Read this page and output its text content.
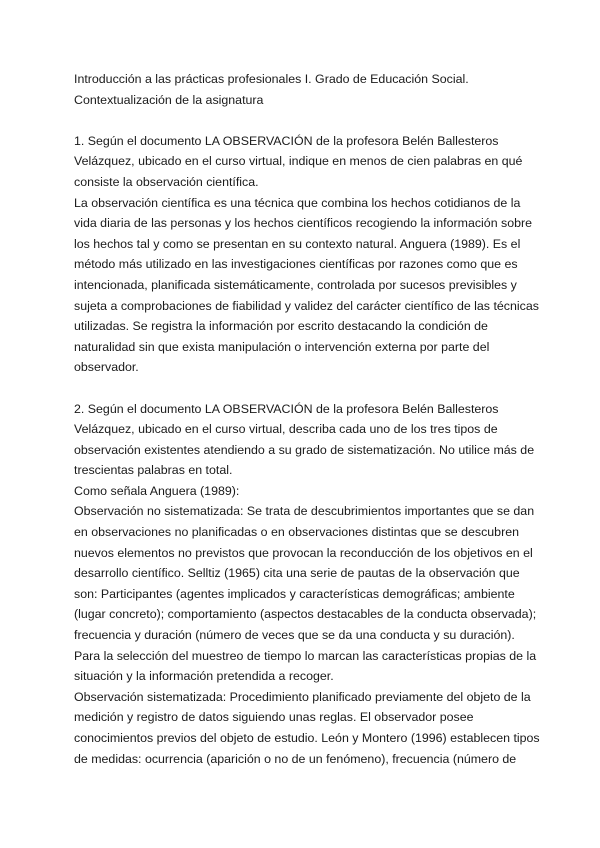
Introducción a las prácticas profesionales I. Grado de Educación Social.
Contextualización de la asignatura
1. Según el documento LA OBSERVACIÓN de la profesora Belén Ballesteros
Velázquez, ubicado en el curso virtual, indique en menos de cien palabras en qué
consiste la observación científica.
La observación científica es una técnica que combina los hechos cotidianos de la
vida diaria de las personas y los hechos científicos recogiendo la información sobre
los hechos tal y como se presentan en su contexto natural. Anguera (1989). Es el
método más utilizado en las investigaciones científicas por razones como que es
intencionada, planificada sistemáticamente, controlada por sucesos previsibles y
sujeta a comprobaciones de fiabilidad y validez del carácter científico de las técnicas
utilizadas. Se registra la información por escrito destacando la condición de
naturalidad sin que exista manipulación o intervención externa por parte del
observador.
2. Según el documento LA OBSERVACIÓN de la profesora Belén Ballesteros
Velázquez, ubicado en el curso virtual, describa cada uno de los tres tipos de
observación existentes atendiendo a su grado de sistematización. No utilice más de
trescientas palabras en total.
Como señala Anguera (1989):
Observación no sistematizada: Se trata de descubrimientos importantes que se dan
en observaciones no planificadas o en observaciones distintas que se descubren
nuevos elementos no previstos que provocan la reconducción de los objetivos en el
desarrollo científico. Selltiz (1965) cita una serie de pautas de la observación que
son: Participantes (agentes implicados y características demográficas; ambiente
(lugar concreto); comportamiento (aspectos destacables de la conducta observada);
frecuencia y duración (número de veces que se da una conducta y su duración).
Para la selección del muestreo de tiempo lo marcan las características propias de la
situación y la información pretendida a recoger.
Observación sistematizada: Procedimiento planificado previamente del objeto de la
medición y registro de datos siguiendo unas reglas. El observador posee
conocimientos previos del objeto de estudio. León y Montero (1996) establecen tipos
de medidas: ocurrencia (aparición o no de un fenómeno), frecuencia (número de
